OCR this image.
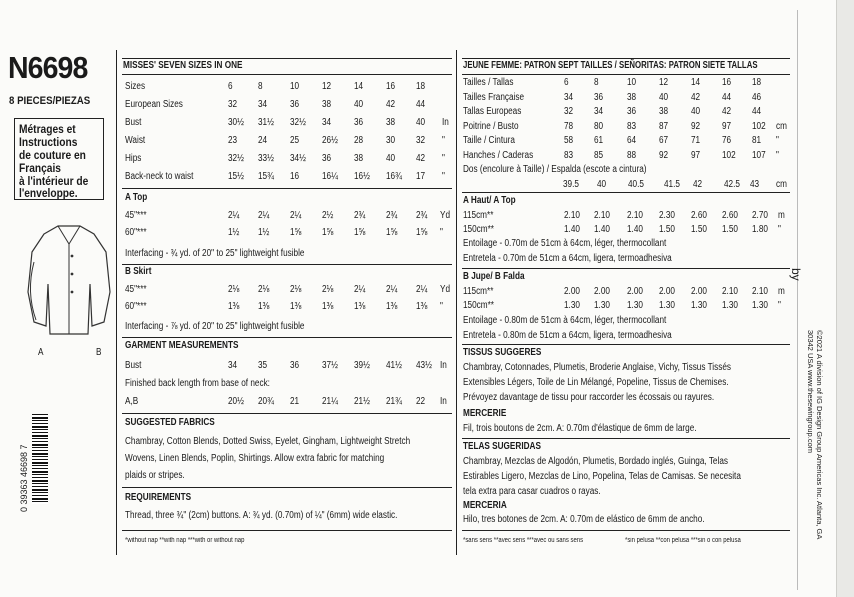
N6698
8 PIECES/PIEZAS
Métrages et
Instructions
de couture en
Français
à l'intérieur de
l'enveloppe.
A	B
0 39363 46698 7
MISSES' SEVEN SIZES IN ONE
Sizes	6	8	10 12 14 16 18
European Sizes	32 34 36 38 40 42 44
Bust	30½ 31½ 32½ 34 36 38 40 In
Waist	23 24 25 26½ 28 30 32 "
Hips	32½ 33½ 34½ 36 38 40 42 "
Back-neck to waist	15½ 15¾ 16 16¼ 16½ 16¾ 17 "
A Top
45"***	2¼ 2¼ 2¼ 2½ 2¾ 2¾ 2¾ Yd
60"***	1½ 1½ 1⅝ 1⅝ 1⅝ 1⅝ 1⅝ "
Interfacing - ¾ yd. of 20" to 25" lightweight fusible
B Skirt
45"***	2⅛ 2⅛ 2⅛ 2⅛ 2¼ 2¼ 2¼ Yd
60"***	1⅜ 1⅜ 1⅜ 1⅜ 1⅜ 1⅜ 1⅜ "
Interfacing - ⅞ yd. of 20" to 25" lightweight fusible
GARMENT MEASUREMENTS
Bust	34 35 36 37½ 39½ 41½ 43½ In
A,B	20½ 20¾ 21 21¼ 21½ 21¾ 22 In
Finished back length from base of neck:
SUGGESTED FABRICS
Chambray, Cotton Blends, Dotted Swiss, Eyelet, Gingham, Lightweight Stretch
Wovens, Linen Blends, Poplin, Shirtings. Allow extra fabric for matching
plaids or stripes.
REQUIREMENTS
Thread, three ¾" (2cm) buttons. A: ¾ yd. (0.70m) of ¼" (6mm) wide elastic.
*without nap **with nap ***with or without nap
JEUNE FEMME: PATRON SEPT TAILLES / SEÑORITAS: PATRON SIETE TALLAS
Tailles / Tallas	6	8	10 12 14 16 18
Tailles Française	34 36 38 40 42 44 46
Tallas Europeas	32 34 36 38 40 42 44
Poitrine / Busto	78 80 83 87 92 97 102 cm
Taille / Cintura	58 61 64 67 71 76 81 "
Hanches / Caderas	83 85 88 92 97 102 107 "
Dos (encolure à Taille) / Espalda (escote a cintura)
39.5 40 40.5 41.5 42 42.5 43 cm
A Haut/ A Top
115cm**	2.10 2.10 2.10 2.30 2.60 2.60 2.70 m
150cm**	1.40 1.40 1.40 1.50 1.50 1.50 1.80 "
Entoilage - 0.70m de 51cm à 64cm, léger, thermocollant
Entretela - 0.70m de 51cm a 64cm, ligera, termoadhesiva
B Jupe/ B Falda
115cm**	2.00 2.00 2.00 2.00 2.00 2.10 2.10 m
150cm**	1.30 1.30 1.30 1.30 1.30 1.30 1.30 "
Entoilage - 0.80m de 51cm à 64cm, léger, thermocollant
Entretela - 0.80m de 51cm a 64cm, ligera, termoadhesiva
TISSUS SUGGERES
Chambray, Cotonnades, Plumetis, Broderie Anglaise, Vichy, Tissus Tissés
Extensibles Légers, Toile de Lin Mélangé, Popeline, Tissus de Chemises.
Prévoyez davantage de tissu pour raccorder les écossais ou rayures.
MERCERIE
Fil, trois boutons de 2cm. A: 0.70m d'élastique de 6mm de large.
TELAS SUGERIDAS
Chambray, Mezclas de Algodón, Plumetis, Bordado inglés, Guinga, Telas
Estirables Ligero, Mezclas de Lino, Popelina, Telas de Camisas. Se necesita
tela extra para casar cuadros o rayas.
MERCERIA
Hilo, tres botones de 2cm. A: 0.70m de elástico de 6mm de ancho.
*sans sens **avec sens ***avec ou sans sens	*sin pelusa **con pelusa ***sin o con pelusa
by
©2021 A division of IG Design Group Americas Inc. Atlanta, GA 30342 USA www.thesewingroup.com
